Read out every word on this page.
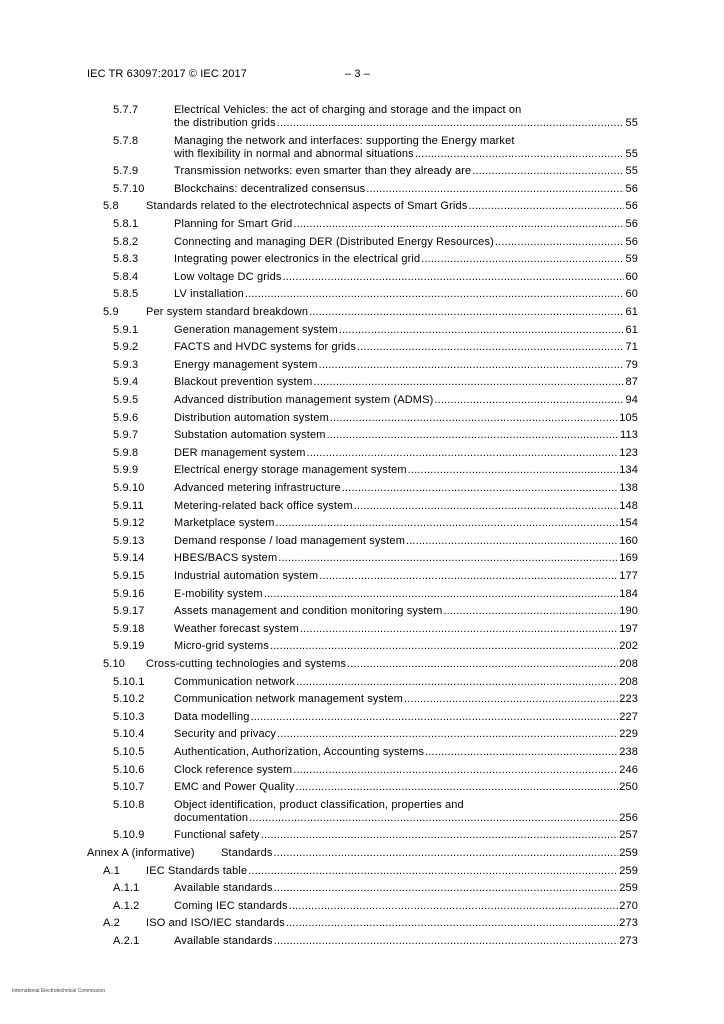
IEC TR 63097:2017 © IEC 2017	– 3 –
5.7.7	Electrical Vehicles: the act of charging and storage and the impact on
the distribution grids .....	55
5.7.8	Managing the network and interfaces: supporting the Energy market
with flexibility in normal and abnormal situations .....	55
5.7.9	Transmission networks: even smarter than they already are .....	55
5.7.10	Blockchains: decentralized consensus .....	56
5.8 Standards related to the electrotechnical aspects of Smart Grids .....	56
5.8.1	Planning for Smart Grid .....	56
5.8.2	Connecting and managing DER (Distributed Energy Resources) .....	56
5.8.3	Integrating power electronics in the electrical grid .....	59
5.8.4	Low voltage DC grids .....	60
5.8.5	LV installation .....	60
5.9 Per system standard breakdown .....	61
5.9.1	Generation management system .....	61
5.9.2	FACTS and HVDC systems for grids .....	71
5.9.3	Energy management system .....	79
5.9.4	Blackout prevention system .....	87
5.9.5	Advanced distribution management system (ADMS) .....	94
5.9.6	Distribution automation system .....	105
5.9.7	Substation automation system .....	113
5.9.8	DER management system .....	123
5.9.9	Electrical energy storage management system .....	134
5.9.10	Advanced metering infrastructure .....	138
5.9.11	Metering-related back office system .....	148
5.9.12	Marketplace system .....	154
5.9.13	Demand response / load management system .....	160
5.9.14	HBES/BACS system .....	169
5.9.15	Industrial automation system .....	177
5.9.16	E-mobility system .....	184
5.9.17	Assets management and condition monitoring system .....	190
5.9.18	Weather forecast system .....	197
5.9.19	Micro-grid systems .....	202
5.10 Cross-cutting technologies and systems .....	208
5.10.1	Communication network .....	208
5.10.2	Communication network management system .....	223
5.10.3	Data modelling .....	227
5.10.4	Security and privacy .....	229
5.10.5	Authentication, Authorization, Accounting systems .....	238
5.10.6	Clock reference system .....	246
5.10.7	EMC and Power Quality .....	250
5.10.8	Object identification, product classification, properties and
documentation .....	256
5.10.9	Functional safety .....	257
Annex A (informative) Standards .....	259
A.1 IEC Standards table .....	259
A.1.1	Available standards .....	259
A.1.2	Coming IEC standards .....	270
A.2 ISO and ISO/IEC standards .....	273
A.2.1	Available standards .....	273
International Electrotechnical Commission
